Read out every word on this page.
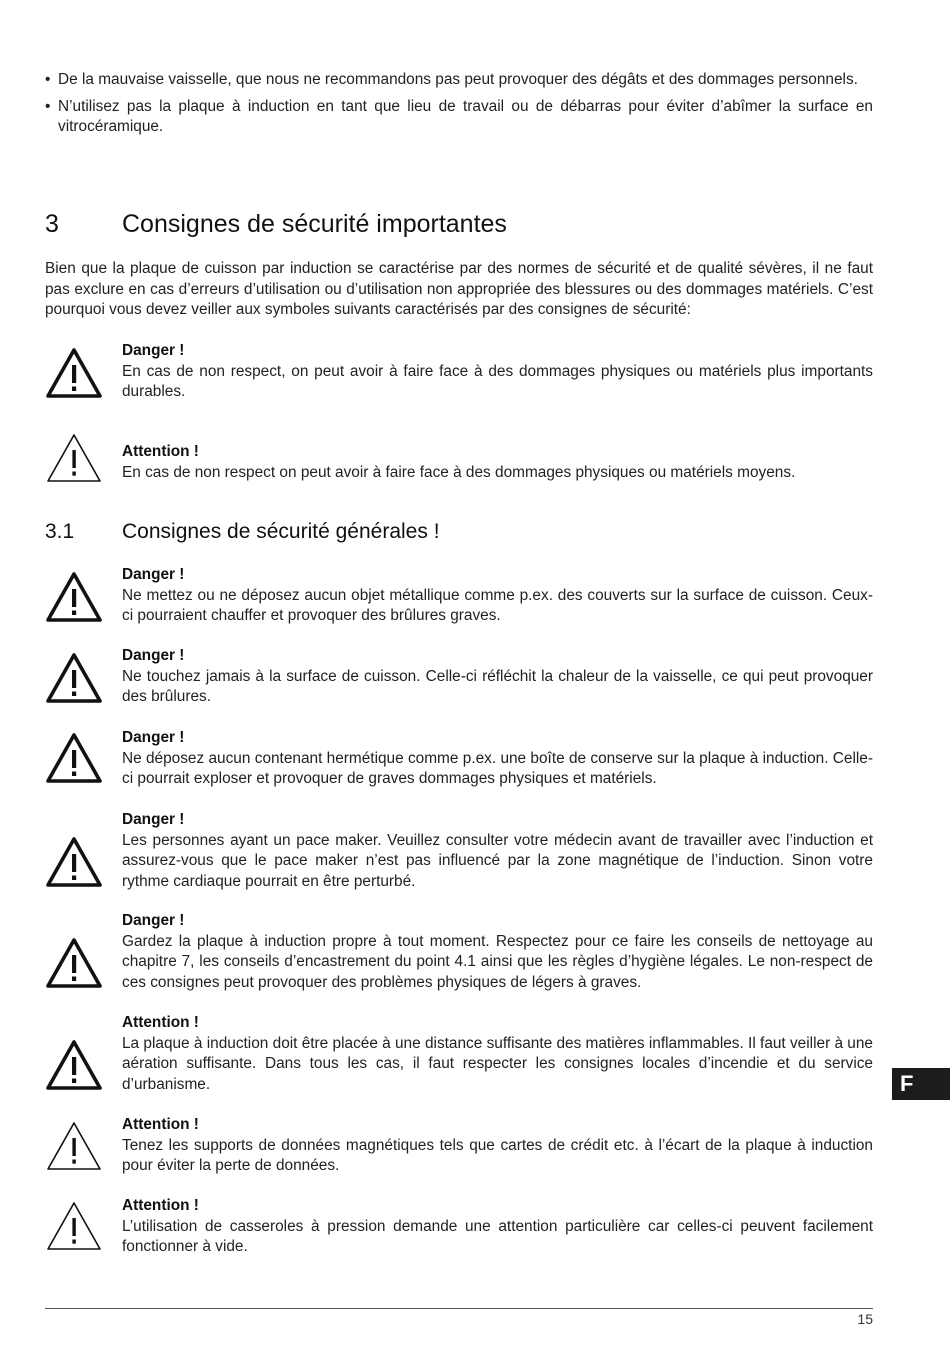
• De la mauvaise vaisselle, que nous ne recommandons pas peut provoquer des dégâts et des dommages personnels.
• N’utilisez pas la plaque à induction en tant que lieu de travail ou de débarras pour éviter d’abîmer la surface en vitrocéramique.
3	Consignes de sécurité importantes
Bien que la plaque de cuisson par induction se caractérise par des normes de sécurité et de qualité sévères, il ne faut pas exclure en cas d’erreurs d’utilisation ou d’utilisation non appropriée des blessures ou des dommages matériels. C’est pourquoi vous devez veiller aux symboles suivants caractérisés par des consignes de sécurité:
Danger !
En cas de non respect, on peut avoir à faire face à des dommages physiques ou matériels plus importants durables.
Attention !
En cas de non respect on peut avoir à faire face à des dommages physiques ou matériels moyens.
3.1 Consignes de sécurité générales !
Danger !
Ne mettez ou ne déposez aucun objet métallique comme p.ex. des couverts sur la surface de cuisson. Ceux-ci pourraient chauffer et provoquer des brûlures graves.
Danger !
Ne touchez jamais à la surface de cuisson. Celle-ci réfléchit la chaleur de la vaisselle, ce qui peut provoquer des brûlures.
Danger !
Ne déposez aucun contenant hermétique comme p.ex. une boîte de conserve sur la plaque à induction. Celle-ci pourrait exploser et provoquer de graves dommages physiques et matériels.
Danger !
Les personnes ayant un pace maker. Veuillez consulter votre médecin avant de travailler avec l’induction et assurez-vous que le pace maker n’est pas influencé par la zone magnétique de l’induction. Sinon votre rythme cardiaque pourrait en être perturbé.
Danger !
Gardez la plaque à induction propre à tout moment. Respectez pour ce faire les conseils de nettoyage au chapitre 7, les conseils d’encastrement du point 4.1 ainsi que les règles d’hygiène légales. Le non-respect de ces consignes peut provoquer des problèmes physiques de légers à graves.
Attention !
La plaque à induction doit être placée à une distance suffisante des matières inflammables. Il faut veiller à une aération suffisante. Dans tous les cas, il faut respecter les consignes locales d’incendie et du service d’urbanisme.
Attention !
Tenez les supports de données magnétiques tels que cartes de crédit etc. à l’écart de la plaque à induction pour éviter la perte de données.
Attention !
L’utilisation de casseroles à pression demande une attention particulière car celles-ci peuvent facilement fonctionner à vide.
F
15
